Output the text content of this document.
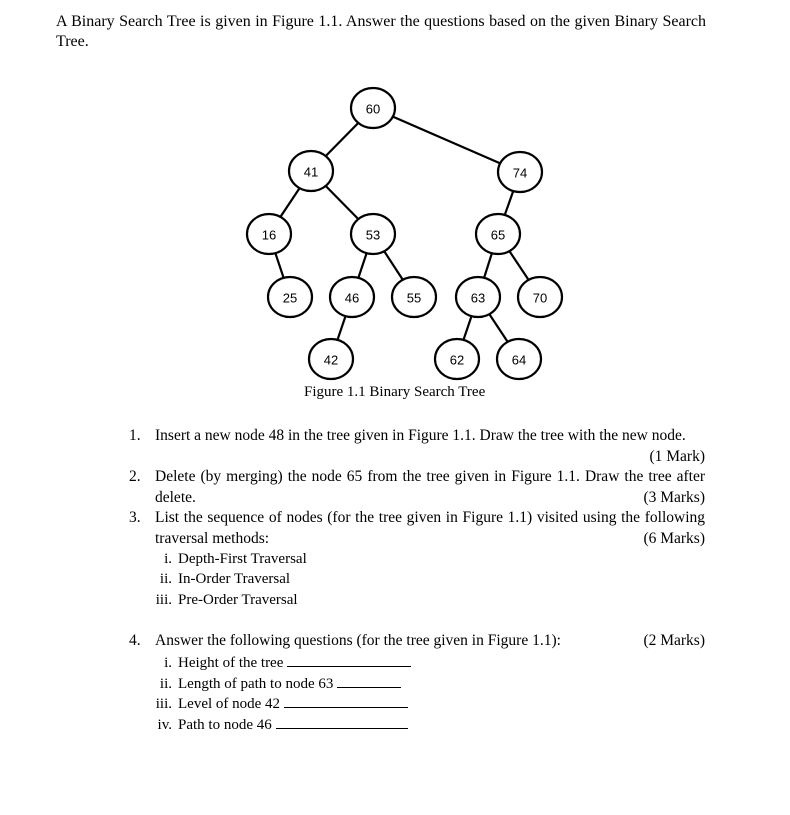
A Binary Search Tree is given in Figure 1.1. Answer the questions based on the given Binary Search Tree.
60
41	74
16	53	65
25	46	55	63	70
42	62	64
Figure 1.1 Binary Search Tree
1. Insert a new node 48 in the tree given in Figure 1.1. Draw the tree with the new node.
(1 Mark)
2. Delete (by merging) the node 65 from the tree given in Figure 1.1. Draw the tree after delete.	(3 Marks)
3. List the sequence of nodes (for the tree given in Figure 1.1) visited using the following traversal methods:	(6 Marks)
i. Depth-First Traversal
ii. In-Order Traversal
iii. Pre-Order Traversal
4. Answer the following questions (for the tree given in Figure 1.1):	(2 Marks)
i. Height of the tree
ii. Length of path to node 63
iii. Level of node 42
iv. Path to node 46
